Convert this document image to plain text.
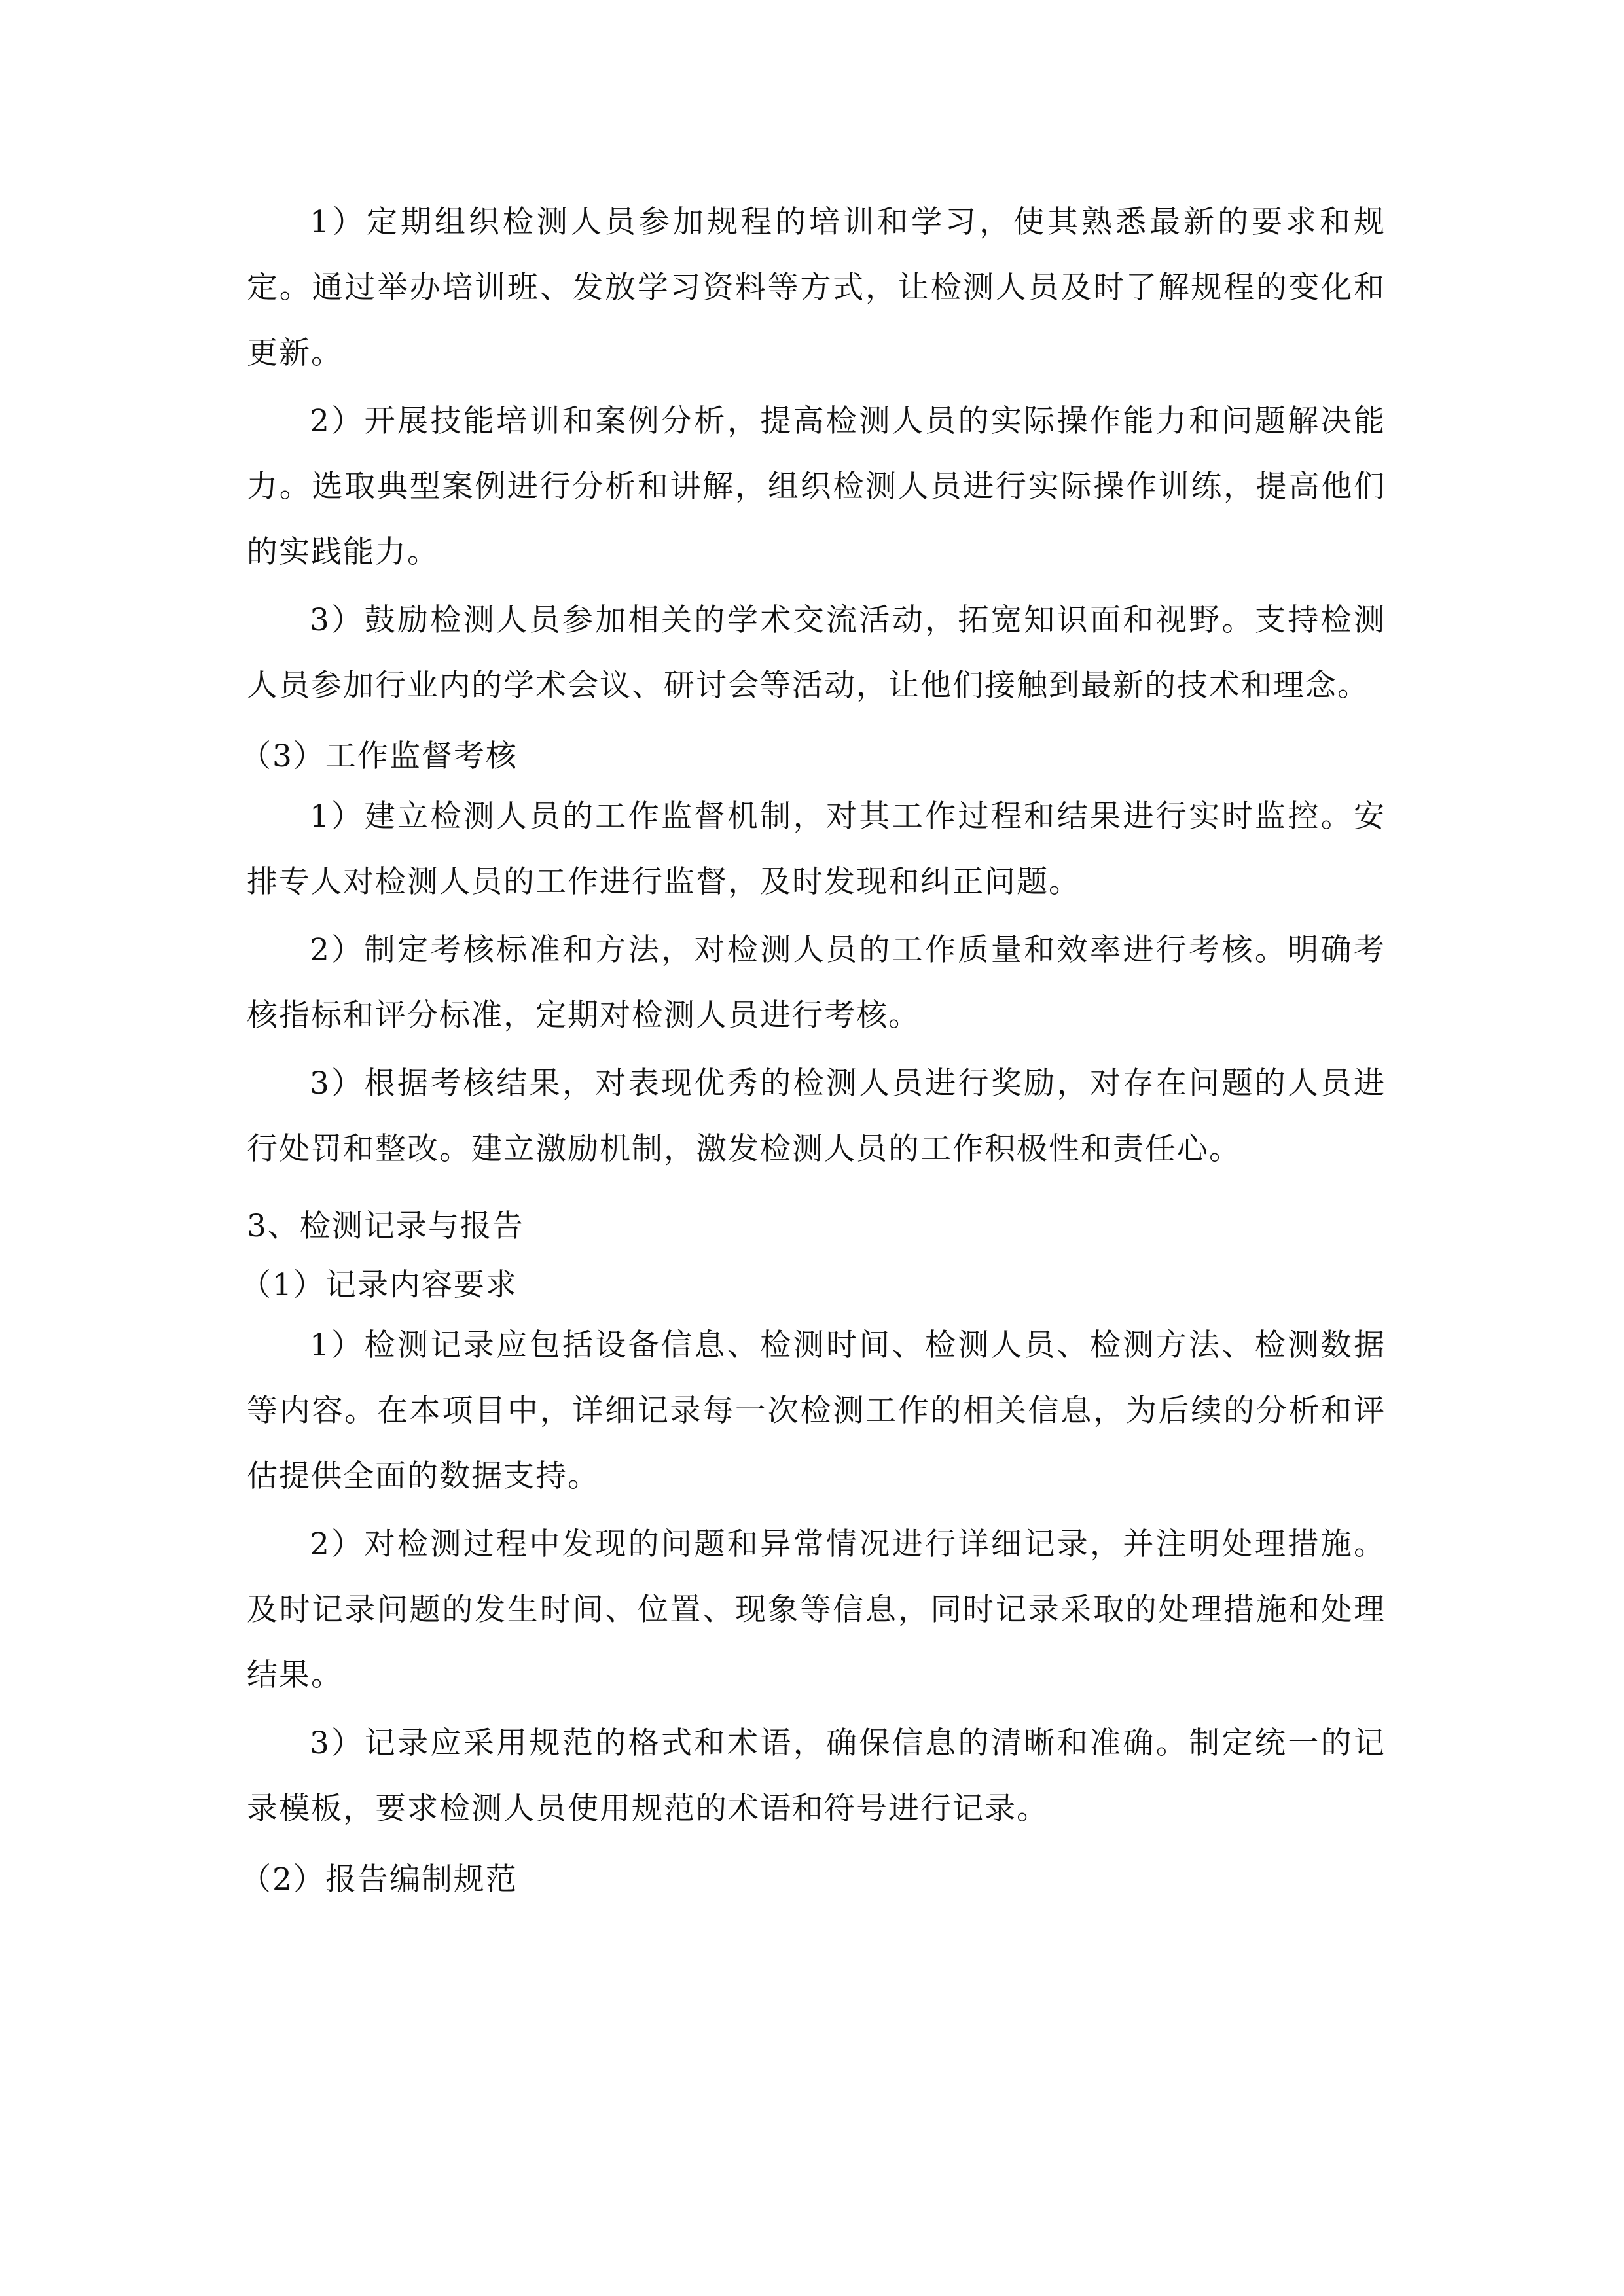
1）定期组织检测人员参加规程的培训和学习，使其熟悉最新的要求和规定。通过举办培训班、发放学习资料等方式，让检测人员及时了解规程的变化和更新。

2）开展技能培训和案例分析，提高检测人员的实际操作能力和问题解决能力。选取典型案例进行分析和讲解，组织检测人员进行实际操作训练，提高他们的实践能力。

3）鼓励检测人员参加相关的学术交流活动，拓宽知识面和视野。支持检测人员参加行业内的学术会议、研讨会等活动，让他们接触到最新的技术和理念。

（3）工作监督考核

1）建立检测人员的工作监督机制，对其工作过程和结果进行实时监控。安排专人对检测人员的工作进行监督，及时发现和纠正问题。

2）制定考核标准和方法，对检测人员的工作质量和效率进行考核。明确考核指标和评分标准，定期对检测人员进行考核。

3）根据考核结果，对表现优秀的检测人员进行奖励，对存在问题的人员进行处罚和整改。建立激励机制，激发检测人员的工作积极性和责任心。

3、检测记录与报告

（1）记录内容要求

1）检测记录应包括设备信息、检测时间、检测人员、检测方法、检测数据等内容。在本项目中，详细记录每一次检测工作的相关信息，为后续的分析和评估提供全面的数据支持。

2）对检测过程中发现的问题和异常情况进行详细记录，并注明处理措施。及时记录问题的发生时间、位置、现象等信息，同时记录采取的处理措施和处理结果。

3）记录应采用规范的格式和术语，确保信息的清晰和准确。制定统一的记录模板，要求检测人员使用规范的术语和符号进行记录。

（2）报告编制规范
